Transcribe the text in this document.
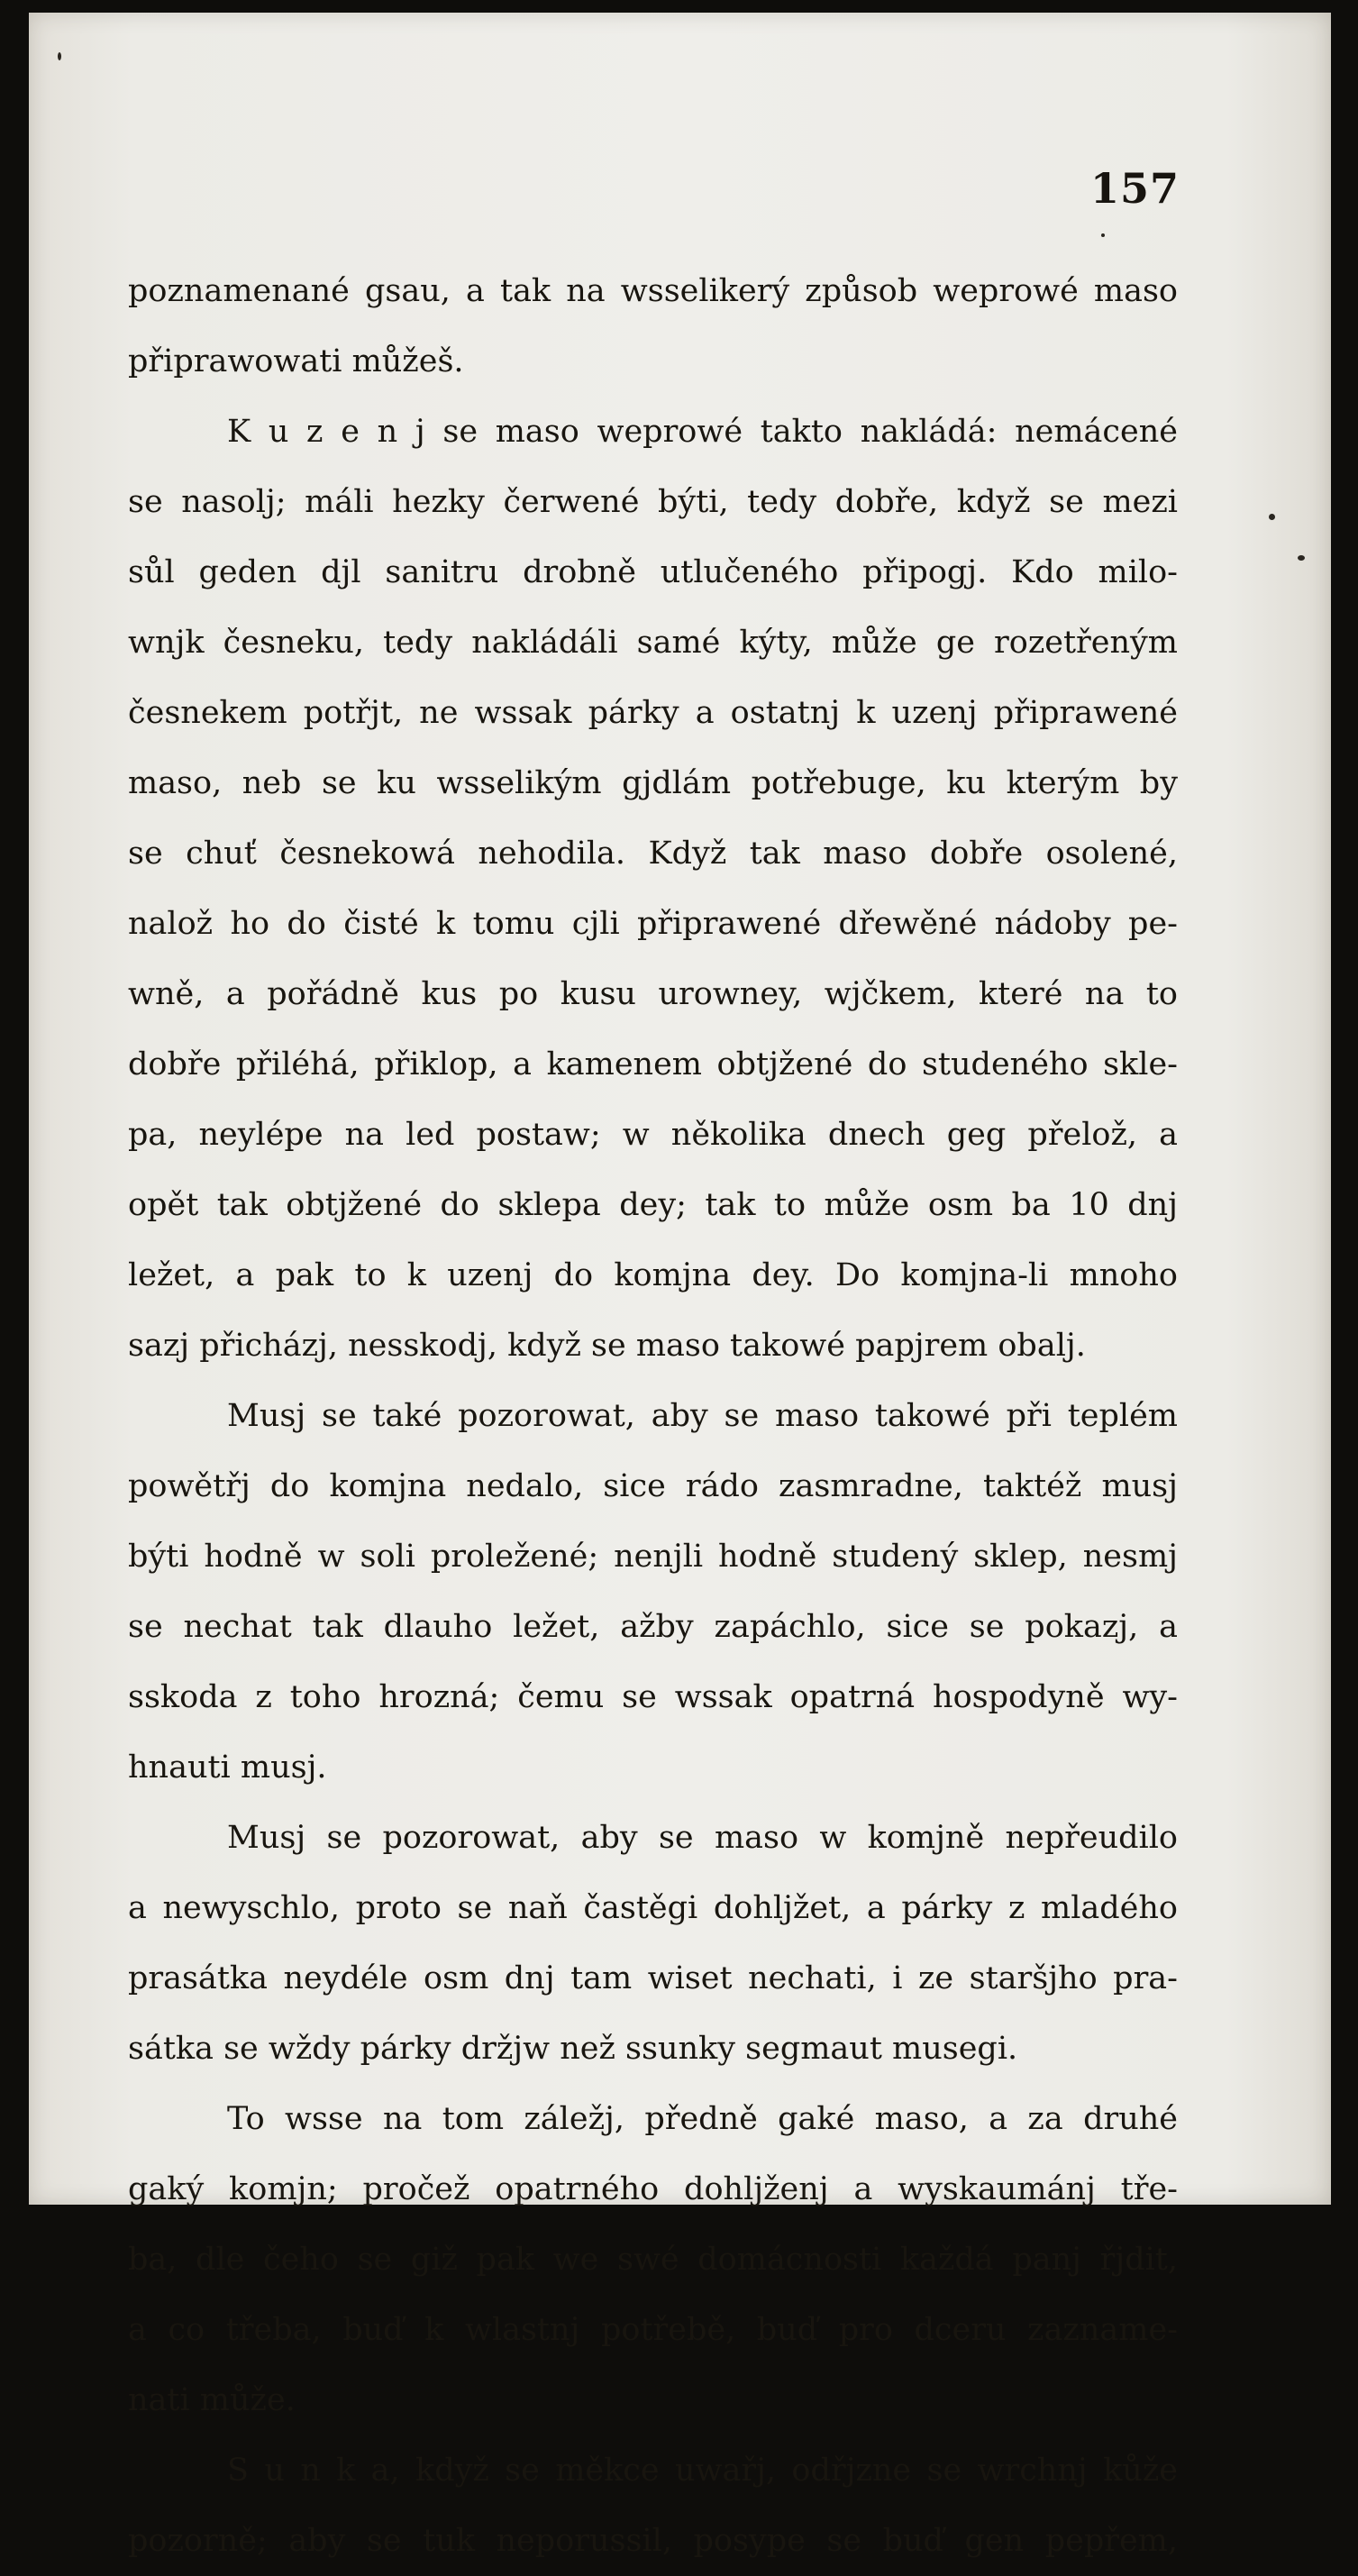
157

poznamenané gsau, a tak na wsselikerý způsob weprowé maso
připrawowati můžeš.
K u z e n j se maso weprowé takto nakládá: nemácené
se nasolj; máli hezky čerwené býti, tedy dobře, když se mezi
sůl geden djl sanitru drobně utlučeného připogj. Kdo milo-
wnjk česneku, tedy nakládáli samé kýty, může ge rozetřeným
česnekem potřjt, ne wssak párky a ostatnj k uzenj připrawené
maso, neb se ku wsselikým gjdlám potřebuge, ku kterým by
se chuť česnekowá nehodila. Když tak maso dobře osolené,
nalož ho do čisté k tomu cjli připrawené dřewěné nádoby pe-
wně, a pořádně kus po kusu urowney, wjčkem, které na to
dobře přiléhá, přiklop, a kamenem obtjžené do studeného skle-
pa, neylépe na led postaw; w několika dnech geg přelož, a
opět tak obtjžené do sklepa dey; tak to může osm ba 10 dnj
ležet, a pak to k uzenj do komjna dey. Do komjna-li mnoho
sazj přicházj, nesskodj, když se maso takowé papjrem obalj.
Musj se také pozorowat, aby se maso takowé při teplém
powětřj do komjna nedalo, sice rádo zasmradne, taktéž musj
býti hodně w soli proležené; nenjli hodně studený sklep, nesmj
se nechat tak dlauho ležet, ažby zapáchlo, sice se pokazj, a
sskoda z toho hrozná; čemu se wssak opatrná hospodyně wy-
hnauti musj.
Musj se pozorowat, aby se maso w komjně nepřeudilo
a newyschlo, proto se naň častěgi dohljžet, a párky z mladého
prasátka neydéle osm dnj tam wiset nechati, i ze staršjho pra-
sátka se wždy párky držjw než ssunky segmaut musegi.
To wsse na tom záležj, předně gaké maso, a za druhé
gaký komjn; pročež opatrného dohljženj a wyskaumánj tře-
ba, dle čeho se giž pak we swé domácnosti každá panj řjdit,
a co třeba, buď k wlastnj potřebě, buď pro dceru zazname-
nati může.
S u n k a, když se měkce uwařj, odřjzne se wrchnj kůže
pozorně; aby se tuk neporussil, posype se buď gen pepřem,
